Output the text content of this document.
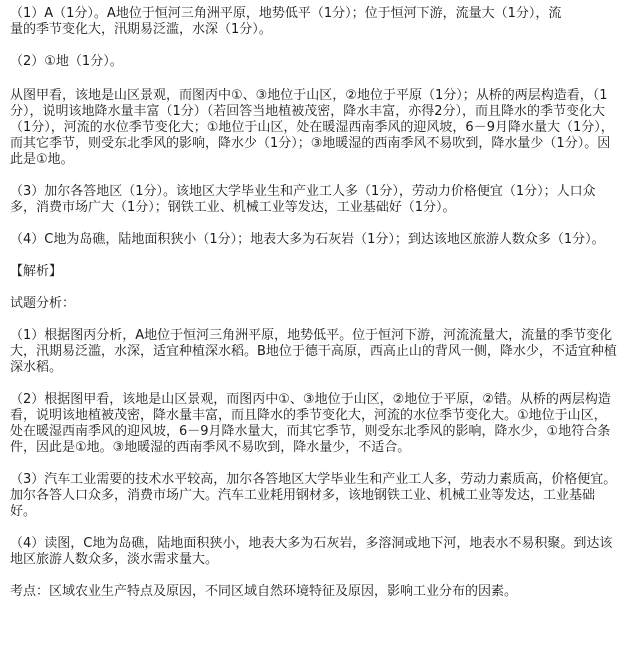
（1）A（1分）。A地位于恒河三角洲平原，地势低平（1分）；位于恒河下游，流量大（1分），流

量的季节变化大，汛期易泛滥，水深（1分）。

（2）①地（1分）。

从图甲看，该地是山区景观，而图丙中①、③地位于山区，②地位于平原（1分）；从桥的两层构造看，（1分），说明该地降水量丰富（1分）（若回答当地植被茂密，降水丰富，亦得2分），而且降水的季节变化大（1分），河流的水位季节变化大；①地位于山区，处在暖湿西南季风的迎风坡，6－9月降水量大（1分），而其它季节，则受东北季风的影响，降水少（1分）；③地暖湿的西南季风不易吹到，降水量少（1分）。因此是①地。

（3）加尔各答地区（1分）。该地区大学毕业生和产业工人多（1分），劳动力价格便宜（1分）；人口众多，消费市场广大（1分）；钢铁工业、机械工业等发达，工业基础好（1分）。

（4）C地为岛礁，陆地面积狭小（1分）；地表大多为石灰岩（1分）；到达该地区旅游人数众多（1分）。

【解析】

试题分析：

（1）根据图丙分析，A地位于恒河三角洲平原，地势低平。位于恒河下游，河流流量大，流量的季节变化大，汛期易泛滥，水深，适宜种植深水稻。B地位于德干高原，西高止山的背风一侧，降水少，不适宜种植深水稻。

（2）根据图甲看，该地是山区景观，而图丙中①、③地位于山区，②地位于平原，②错。从桥的两层构造看，说明该地植被茂密，降水量丰富，而且降水的季节变化大，河流的水位季节变化大。①地位于山区，处在暖湿西南季风的迎风坡，6－9月降水量大，而其它季节，则受东北季风的影响，降水少，①地符合条件，因此是①地。③地暖湿的西南季风不易吹到，降水量少，不适合。

（3）汽车工业需要的技术水平较高，加尔各答地区大学毕业生和产业工人多，劳动力素质高，价格便宜。加尔各答人口众多，消费市场广大。汽车工业耗用钢材多，该地钢铁工业、机械工业等发达，工业基础好。

（4）读图，C地为岛礁，陆地面积狭小，地表大多为石灰岩，多溶洞或地下河，地表水不易积聚。到达该地区旅游人数众多，淡水需求量大。

考点：区域农业生产特点及原因，不同区域自然环境特征及原因，影响工业分布的因素。
